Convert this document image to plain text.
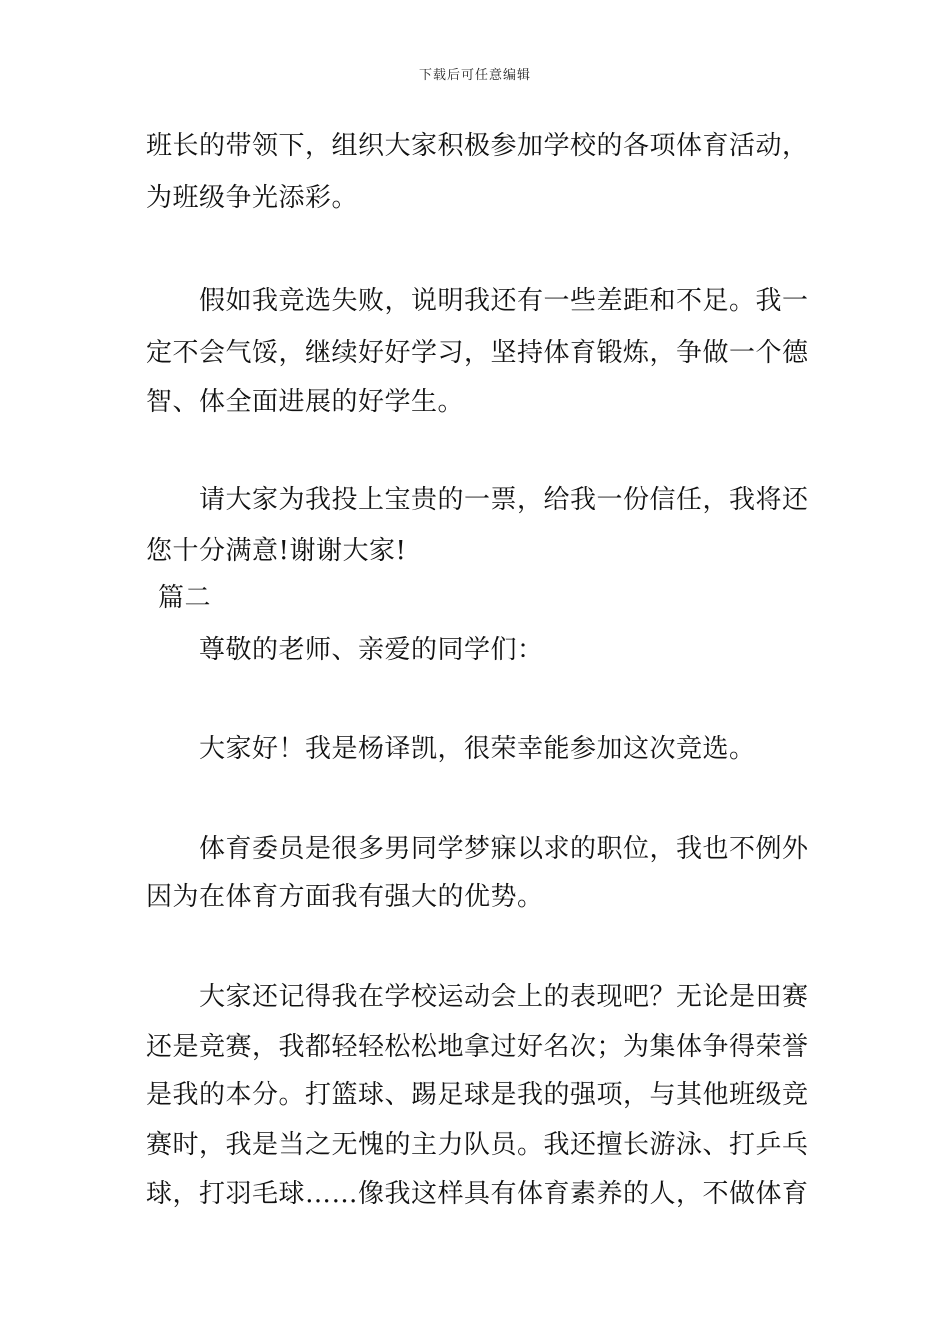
下载后可任意编辑
班长的带领下，组织大家积极参加学校的各项体育活动，
为班级争光添彩。
　　假如我竞选失败，说明我还有一些差距和不足。我一
定不会气馁，继续好好学习，坚持体育锻炼，争做一个德
智、体全面进展的好学生。
　　请大家为我投上宝贵的一票，给我一份信任，我将还
您十分满意!谢谢大家!
篇二
　　尊敬的老师、亲爱的同学们：
　　大家好！我是杨译凯，很荣幸能参加这次竞选。
　　体育委员是很多男同学梦寐以求的职位，我也不例外
因为在体育方面我有强大的优势。
　　大家还记得我在学校运动会上的表现吧？无论是田赛
还是竞赛，我都轻轻松松地拿过好名次；为集体争得荣誉
是我的本分。打篮球、踢足球是我的强项，与其他班级竞
赛时，我是当之无愧的主力队员。我还擅长游泳、打乒乓
球，打羽毛球……像我这样具有体育素养的人，不做体育
